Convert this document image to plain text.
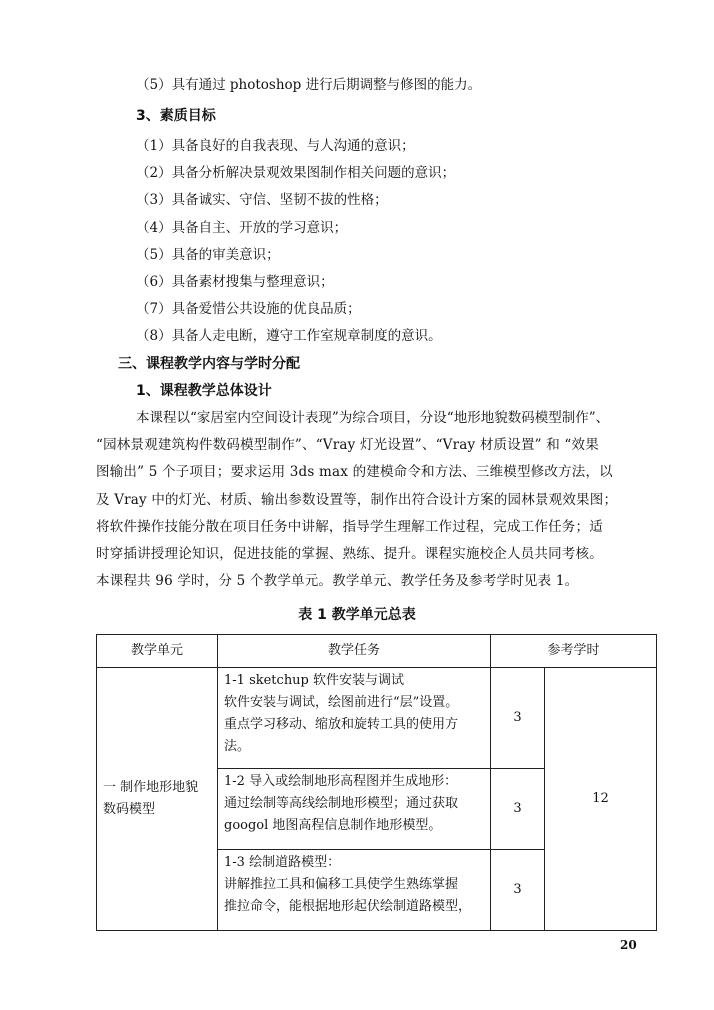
（5）具有通过 photoshop 进行后期调整与修图的能力。
3、素质目标
（1）具备良好的自我表现、与人沟通的意识；
（2）具备分析解决景观效果图制作相关问题的意识；
（3）具备诚实、守信、坚韧不拔的性格；
（4）具备自主、开放的学习意识；
（5）具备的审美意识；
（6）具备素材搜集与整理意识；
（7）具备爱惜公共设施的优良品质；
（8）具备人走电断，遵守工作室规章制度的意识。
三、课程教学内容与学时分配
1、课程教学总体设计
本课程以“家居室内空间设计表现”为综合项目，分设“地形地貌数码模型制作”、
“园林景观建筑构件数码模型制作”、“Vray 灯光设置”、“Vray 材质设置” 和 “效果
图输出” 5 个子项目；要求运用 3ds max 的建模命令和方法、三维模型修改方法，以
及 Vray 中的灯光、材质、输出参数设置等，制作出符合设计方案的园林景观效果图；
将软件操作技能分散在项目任务中讲解，指导学生理解工作过程，完成工作任务；适
时穿插讲授理论知识，促进技能的掌握、熟练、提升。课程实施校企人员共同考核。
本课程共 96 学时，分 5 个教学单元。教学单元、教学任务及参考学时见表 1。
表 1 教学单元总表
教学单元	教学任务	参考学时	
一 制作地形地貌数码模型	1-1 sketchup 软件安装与调试
软件安装与调试，绘图前进行“层”设置。
重点学习移动、缩放和旋转工具的使用方
法。	3	12

	1-2 导入或绘制地形高程图并生成地形：
通过绘制等高线绘制地形模型；通过获取
googol 地图高程信息制作地形模型。	3	

	1-3 绘制道路模型：
讲解推拉工具和偏移工具使学生熟练掌握
推拉命令，能根据地形起伏绘制道路模型，	3	
20
